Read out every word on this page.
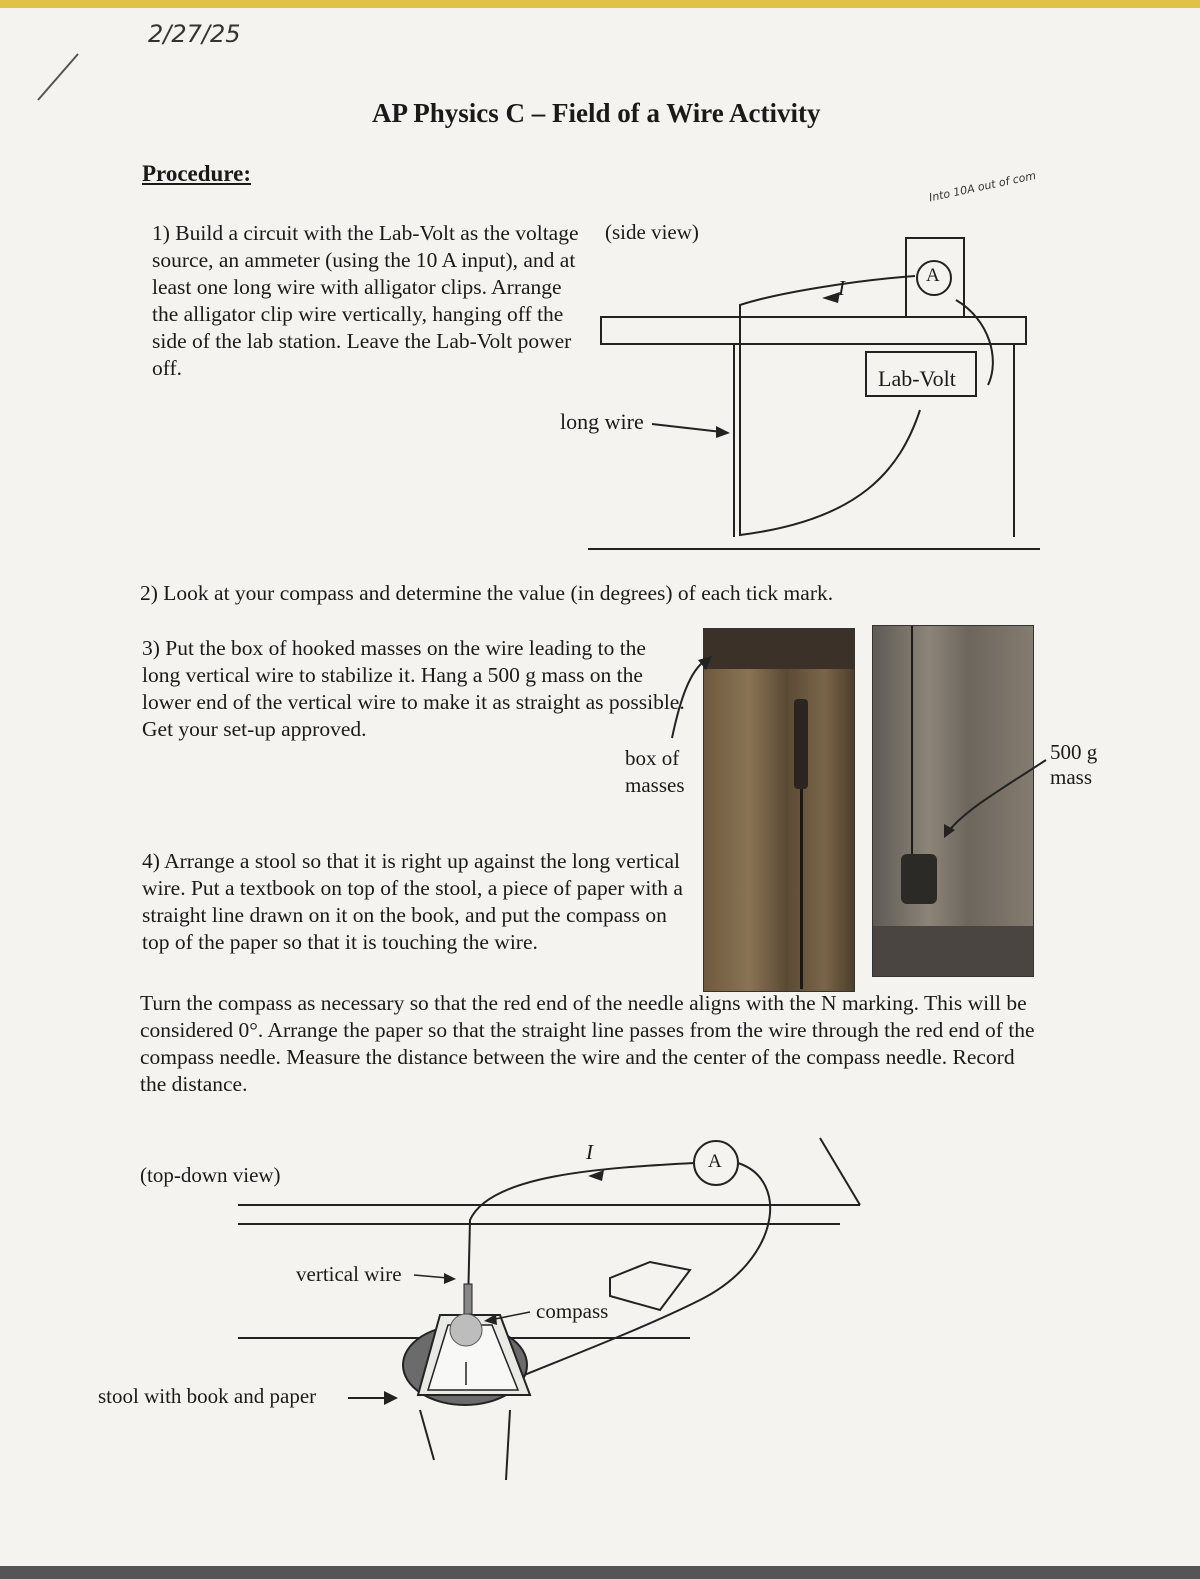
2/27/25
Into 10A out of com
AP Physics C – Field of a Wire Activity
Procedure:
1) Build a circuit with the Lab-Volt as the voltage source, an ammeter (using the 10 A input), and at least one long wire with alligator clips. Arrange the alligator clip wire vertically, hanging off the side of the lab station. Leave the Lab-Volt power off.
(side view)
A
I
Lab-Volt
long wire
2) Look at your compass and determine the value (in degrees) of each tick mark.
3) Put the box of hooked masses on the wire leading to the long vertical wire to stabilize it. Hang a 500 g mass on the lower end of the vertical wire to make it as straight as possible. Get your set-up approved.
box of masses
500 g mass
4) Arrange a stool so that it is right up against the long vertical wire. Put a textbook on top of the stool, a piece of paper with a straight line drawn on it on the book, and put the compass on top of the paper so that it is touching the wire.
Turn the compass as necessary so that the red end of the needle aligns with the N marking. This will be considered 0°. Arrange the paper so that the straight line passes from the wire through the red end of the compass needle. Measure the distance between the wire and the center of the compass needle. Record the distance.
(top-down view)
A
I
vertical wire
compass
stool with book and paper
